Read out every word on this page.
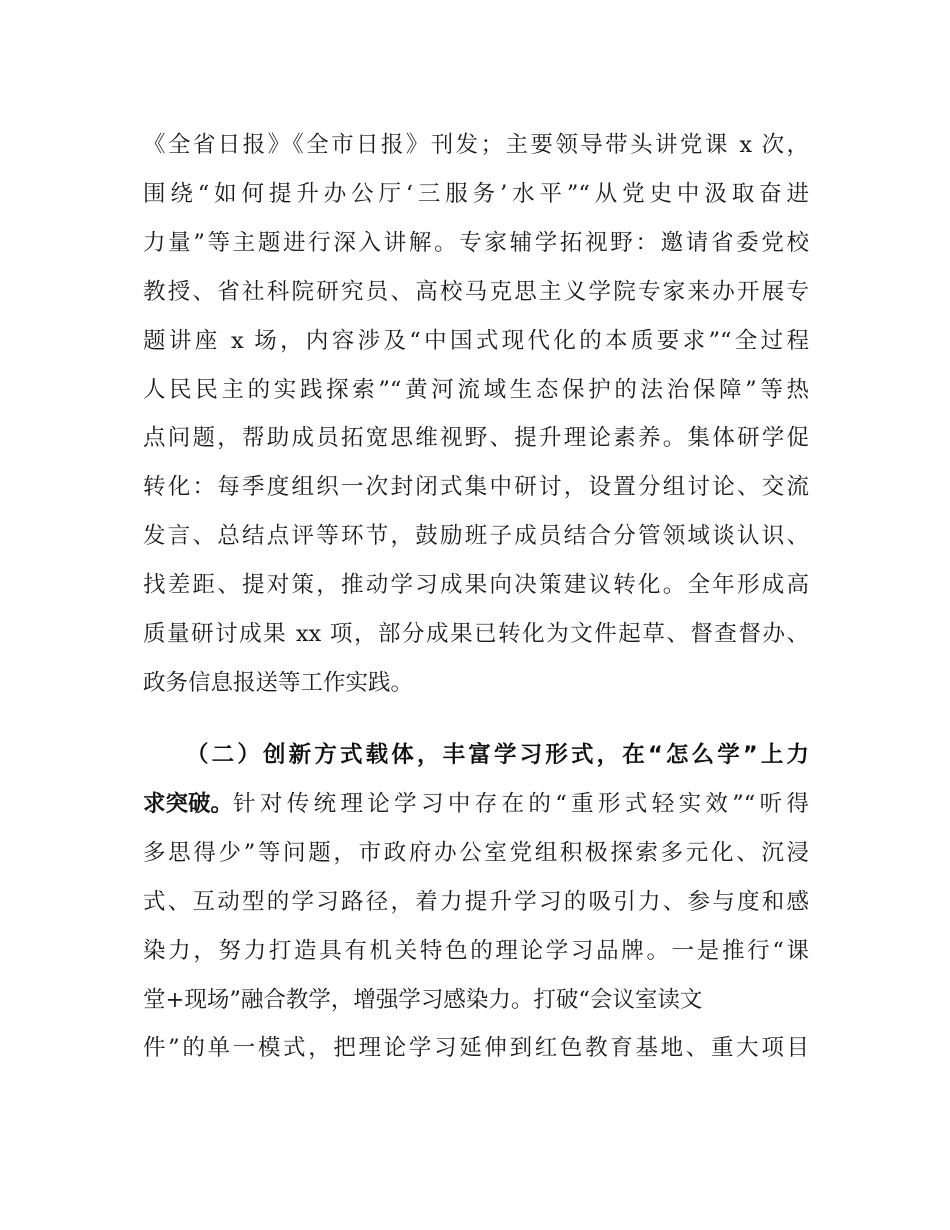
《全省日报》《全市日报》刊发；主要领导带头讲党课 x 次，
围绕“如何提升办公厅‘三服务’水平”“从党史中汲取奋进
力量”等主题进行深入讲解。专家辅学拓视野：邀请省委党校
教授、省社科院研究员、高校马克思主义学院专家来办开展专
题讲座 x 场，内容涉及“中国式现代化的本质要求”“全过程
人民民主的实践探索”“黄河流域生态保护的法治保障”等热
点问题，帮助成员拓宽思维视野、提升理论素养。集体研学促
转化：每季度组织一次封闭式集中研讨，设置分组讨论、交流
发言、总结点评等环节，鼓励班子成员结合分管领域谈认识、
找差距、提对策，推动学习成果向决策建议转化。全年形成高
质量研讨成果 xx 项，部分成果已转化为文件起草、督查督办、
政务信息报送等工作实践。
（二）创新方式载体，丰富学习形式，在“怎么学”上力
求突破。 针对传统理论学习中存在的“重形式轻实效”“听得
多思得少”等问题，市政府办公室党组积极探索多元化、沉浸
式、互动型的学习路径，着力提升学习的吸引力、参与度和感
染力，努力打造具有机关特色的理论学习品牌。一是推行“课
堂+现场”融合教学，增强学习感染力。打破“会议室读文
件”的单一模式，把理论学习延伸到红色教育基地、重大项目
